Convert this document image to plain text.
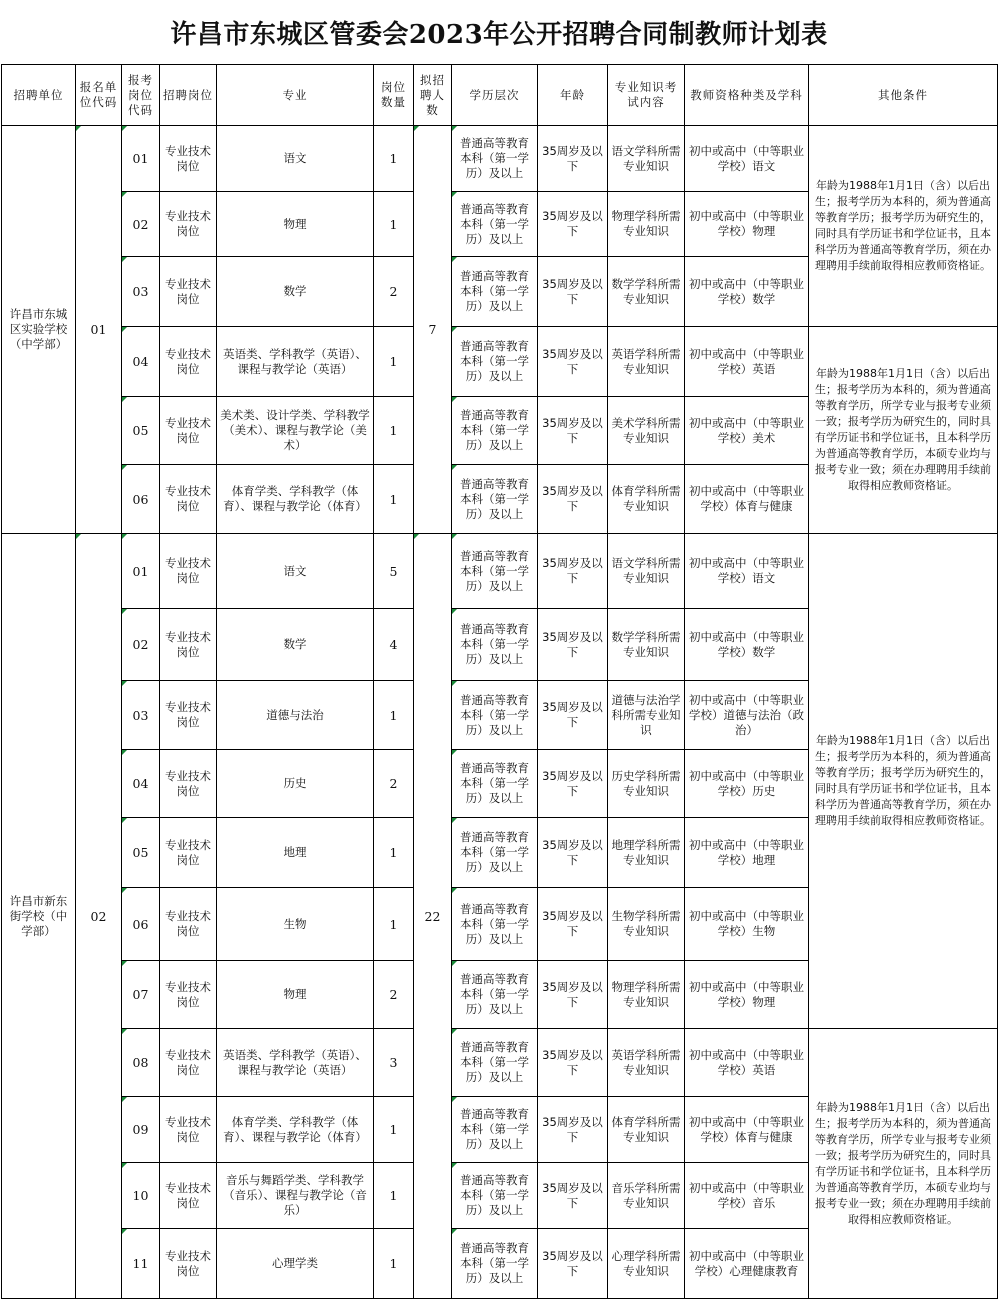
许昌市东城区管委会2023年公开招聘合同制教师计划表
招聘单位	报名单位代码	报考岗位代码	招聘岗位	专业	岗位数量	拟招聘人数	学历层次	年龄	专业知识考试内容	教师资格种类及学科	其他条件
许昌市东城区实验学校（中学部）	01	01	专业技术岗位	语文	1	7	普通高等教育本科（第一学历）及以上	35周岁及以下	语文学科所需专业知识	初中或高中（中等职业学校）语文	年龄为1988年1月1日（含）以后出生；报考学历为本科的，须为普通高等教育学历；报考学历为研究生的，同时具有学历证书和学位证书，且本科学历为普通高等教育学历，须在办理聘用手续前取得相应教师资格证。
		02	专业技术岗位	物理	1		普通高等教育本科（第一学历）及以上	35周岁及以下	物理学科所需专业知识	初中或高中（中等职业学校）物理	
		03	专业技术岗位	数学	2		普通高等教育本科（第一学历）及以上	35周岁及以下	数学学科所需专业知识	初中或高中（中等职业学校）数学	
		04	专业技术岗位	英语类、学科教学（英语）、课程与教学论（英语）	1		普通高等教育本科（第一学历）及以上	35周岁及以下	英语学科所需专业知识	初中或高中（中等职业学校）英语	年龄为1988年1月1日（含）以后出生；报考学历为本科的，须为普通高等教育学历，所学专业与报考专业须一致；报考学历为研究生的，同时具有学历证书和学位证书，且本科学历为普通高等教育学历，本硕专业均与报考专业一致；须在办理聘用手续前取得相应教师资格证。
		05	专业技术岗位	美术类、设计学类、学科教学（美术）、课程与教学论（美术）	1		普通高等教育本科（第一学历）及以上	35周岁及以下	美术学科所需专业知识	初中或高中（中等职业学校）美术	
		06	专业技术岗位	体育学类、学科教学（体育）、课程与教学论（体育）	1		普通高等教育本科（第一学历）及以上	35周岁及以下	体育学科所需专业知识	初中或高中（中等职业学校）体育与健康	
许昌市新东街学校（中学部）	02	01	专业技术岗位	语文	5	22	普通高等教育本科（第一学历）及以上	35周岁及以下	语文学科所需专业知识	初中或高中（中等职业学校）语文	年龄为1988年1月1日（含）以后出生；报考学历为本科的，须为普通高等教育学历；报考学历为研究生的，同时具有学历证书和学位证书，且本科学历为普通高等教育学历，须在办理聘用手续前取得相应教师资格证。
		02	专业技术岗位	数学	4		普通高等教育本科（第一学历）及以上	35周岁及以下	数学学科所需专业知识	初中或高中（中等职业学校）数学	
		03	专业技术岗位	道德与法治	1		普通高等教育本科（第一学历）及以上	35周岁及以下	道德与法治学科所需专业知识	初中或高中（中等职业学校）道德与法治（政治）	
		04	专业技术岗位	历史	2		普通高等教育本科（第一学历）及以上	35周岁及以下	历史学科所需专业知识	初中或高中（中等职业学校）历史	
		05	专业技术岗位	地理	1		普通高等教育本科（第一学历）及以上	35周岁及以下	地理学科所需专业知识	初中或高中（中等职业学校）地理	
		06	专业技术岗位	生物	1		普通高等教育本科（第一学历）及以上	35周岁及以下	生物学科所需专业知识	初中或高中（中等职业学校）生物	
		07	专业技术岗位	物理	2		普通高等教育本科（第一学历）及以上	35周岁及以下	物理学科所需专业知识	初中或高中（中等职业学校）物理	
		08	专业技术岗位	英语类、学科教学（英语）、课程与教学论（英语）	3		普通高等教育本科（第一学历）及以上	35周岁及以下	英语学科所需专业知识	初中或高中（中等职业学校）英语	年龄为1988年1月1日（含）以后出生；报考学历为本科的，须为普通高等教育学历，所学专业与报考专业须一致；报考学历为研究生的，同时具有学历证书和学位证书，且本科学历为普通高等教育学历，本硕专业均与报考专业一致；须在办理聘用手续前取得相应教师资格证。
		09	专业技术岗位	体育学类、学科教学（体育）、课程与教学论（体育）	1		普通高等教育本科（第一学历）及以上	35周岁及以下	体育学科所需专业知识	初中或高中（中等职业学校）体育与健康	
		10	专业技术岗位	音乐与舞蹈学类、学科教学（音乐）、课程与教学论（音乐）	1		普通高等教育本科（第一学历）及以上	35周岁及以下	音乐学科所需专业知识	初中或高中（中等职业学校）音乐	
		11	专业技术岗位	心理学类	1		普通高等教育本科（第一学历）及以上	35周岁及以下	心理学科所需专业知识	初中或高中（中等职业学校）心理健康教育	
